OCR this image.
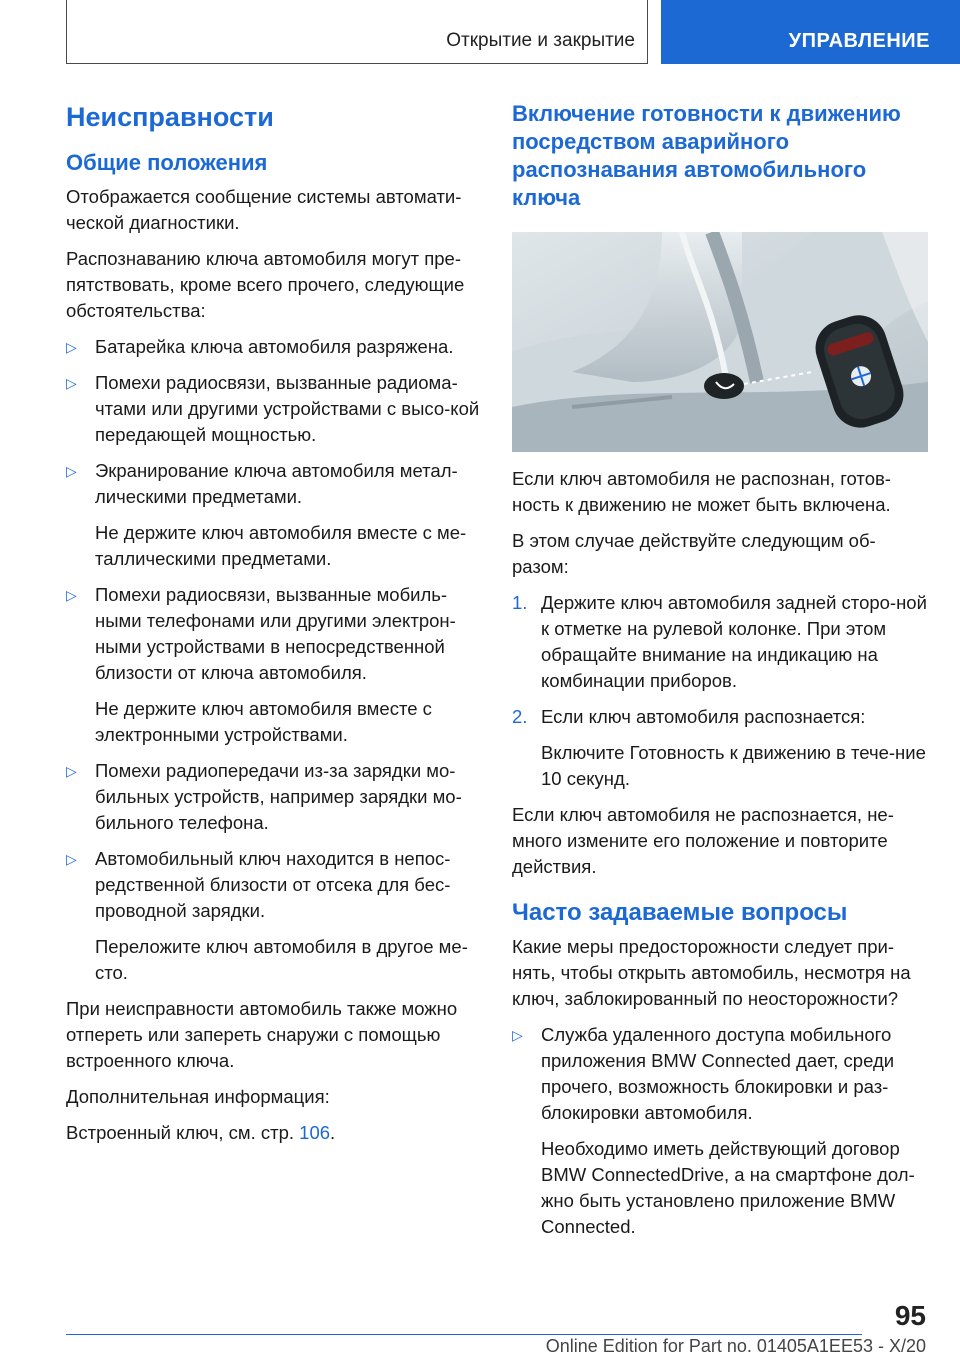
Открытие и закрытие	УПРАВЛЕНИЕ
Неисправности
Общие положения

Отображается сообщение системы автомати-ческой диагностики.

Распознаванию ключа автомобиля могут пре-пятствовать, кроме всего прочего, следующие обстоятельства:

▷ Батарейка ключа автомобиля разряжена.
▷ Помехи радиосвязи, вызванные радиома-чтами или другими устройствами с высо-кой передающей мощностью.
▷ Экранирование ключа автомобиля метал-лическими предметами.
Не держите ключ автомобиля вместе с ме-таллическими предметами.
▷ Помехи радиосвязи, вызванные мобиль-ными телефонами или другими электрон-ными устройствами в непосредственной близости от ключа автомобиля.
Не держите ключ автомобиля вместе с электронными устройствами.
▷ Помехи радиопередачи из-за зарядки мо-бильных устройств, например зарядки мо-бильного телефона.
▷ Автомобильный ключ находится в непос-редственной близости от отсека для бес-проводной зарядки.
Переложите ключ автомобиля в другое ме-сто.

При неисправности автомобиль также можно отпереть или запереть снаружи с помощью встроенного ключа.

Дополнительная информация:

Встроенный ключ, см. стр. 106.

Включение готовности к движению посредством аварийного распознавания автомобильного ключа

Если ключ автомобиля не распознан, готов-ность к движению не может быть включена.

В этом случае действуйте следующим об-разом:

1. Держите ключ автомобиля задней сторо-ной к отметке на рулевой колонке. При этом обращайте внимание на индикацию на комбинации приборов.
2. Если ключ автомобиля распознается:
Включите Готовность к движению в тече-ние 10 секунд.

Если ключ автомобиля не распознается, не-много измените его положение и повторите действия.

Часто задаваемые вопросы

Какие меры предосторожности следует при-нять, чтобы открыть автомобиль, несмотря на ключ, заблокированный по неосторожности?

▷ Служба удаленного доступа мобильного приложения BMW Connected дает, среди прочего, возможность блокировки и раз-блокировки автомобиля.
Необходимо иметь действующий договор BMW ConnectedDrive, а на смартфоне дол-жно быть установлено приложение BMW Connected.
95
Online Edition for Part no. 01405A1EE53 - X/20
